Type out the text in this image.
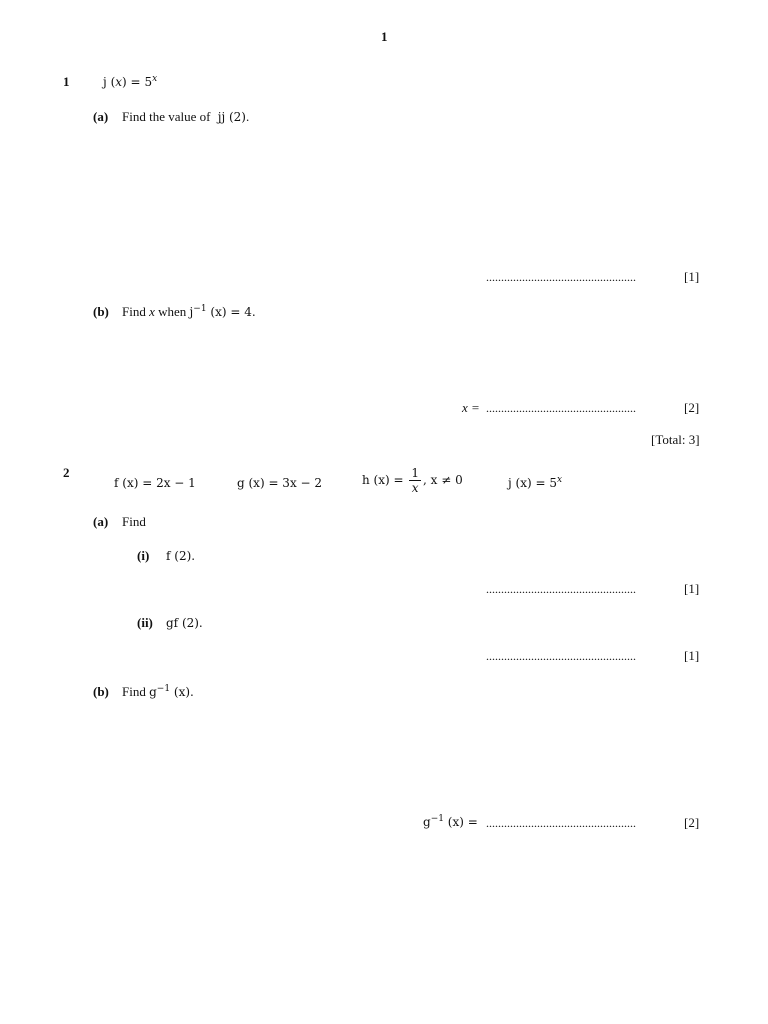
1
1	j $(x) = 5^x$
(a) Find the value of jj (2).
..................................................	[1]
(b) Find x when $j^{-1}$ (x) = 4.
x = ..................................................	[2]
[Total: 3]
2
f (x) = 2x − 1	g (x) = 3x − 2	h $(x) = \frac{1}{x}$ , x ≠ 0	j $(x) = 5^x$
(a) Find
(i) f (2).
..................................................	[1]
(ii) gf (2).
..................................................	[1]
(b) Find $g^{-1}$ (x).
$g^{-1}$ (x) = ..................................................	[2]
